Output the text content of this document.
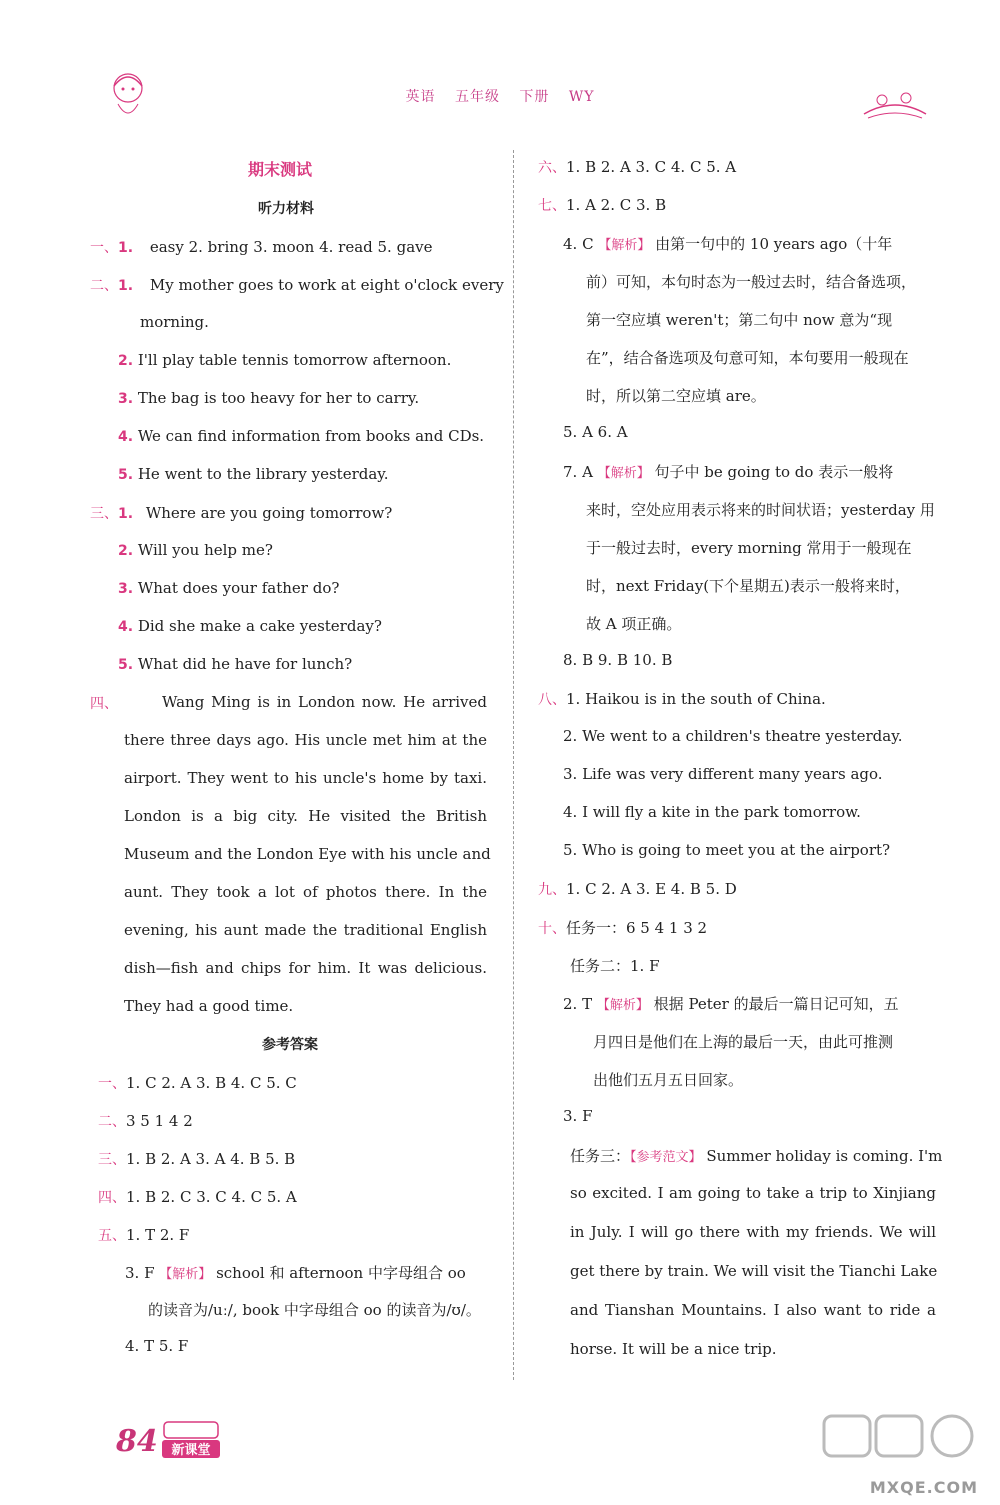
英语 五年级 下册 WY
期末测试
听力材料
一、1. easy 2. bring 3. moon 4. read 5. gave
二、1. My mother goes to work at eight o'clock every
morning.
2. I'll play table tennis tomorrow afternoon.
3. The bag is too heavy for her to carry.
4. We can find information from books and CDs.
5. He went to the library yesterday.
三、1. Where are you going tomorrow?
2. Will you help me?
3. What does your father do?
4. Did she make a cake yesterday?
5. What did he have for lunch?
四、	Wang Ming is in London now. He arrived
there three days ago. His uncle met him at the
airport. They went to his uncle's home by taxi.
London is a big city. He visited the British
Museum and the London Eye with his uncle and
aunt. They took a lot of photos there. In the
evening, his aunt made the traditional English
dish—fish and chips for him. It was delicious.
They had a good time.
参考答案
一、1. C 2. A 3. B 4. C 5. C
二、3 5 1 4 2
三、1. B 2. A 3. A 4. B 5. B
四、1. B 2. C 3. C 4. C 5. A
五、1. T 2. F
3. F 【解析】 school 和 afternoon 中字母组合 oo
的读音为/uː/, book 中字母组合 oo 的读音为/ʊ/。
4. T 5. F
六、1. B 2. A 3. C 4. C 5. A
七、1. A 2. C 3. B
4. C 【解析】 由第一句中的 10 years ago（十年
前）可知，本句时态为一般过去时，结合备选项，
第一空应填 weren't；第二句中 now 意为“现
在”，结合备选项及句意可知，本句要用一般现在
时，所以第二空应填 are。
5. A 6. A
7. A 【解析】 句子中 be going to do 表示一般将
来时，空处应用表示将来的时间状语；yesterday 用
于一般过去时，every morning 常用于一般现在
时，next Friday(下个星期五)表示一般将来时，
故 A 项正确。
8. B 9. B 10. B
八、1. Haikou is in the south of China.
2. We went to a children's theatre yesterday.
3. Life was very different many years ago.
4. I will fly a kite in the park tomorrow.
5. Who is going to meet you at the airport?
九、1. C 2. A 3. E 4. B 5. D
十、任务一：6 5 4 1 3 2
任务二：1. F
2. T 【解析】 根据 Peter 的最后一篇日记可知，五
月四日是他们在上海的最后一天，由此可推测
出他们五月五日回家。
3. F
任务三：【参考范文】 Summer holiday is coming. I'm
so excited. I am going to take a trip to Xinjiang
in July. I will go there with my friends. We will
get there by train. We will visit the Tianchi Lake
and Tianshan Mountains. I also want to ride a
horse. It will be a nice trip.
84 新课堂
MXQE.COM
